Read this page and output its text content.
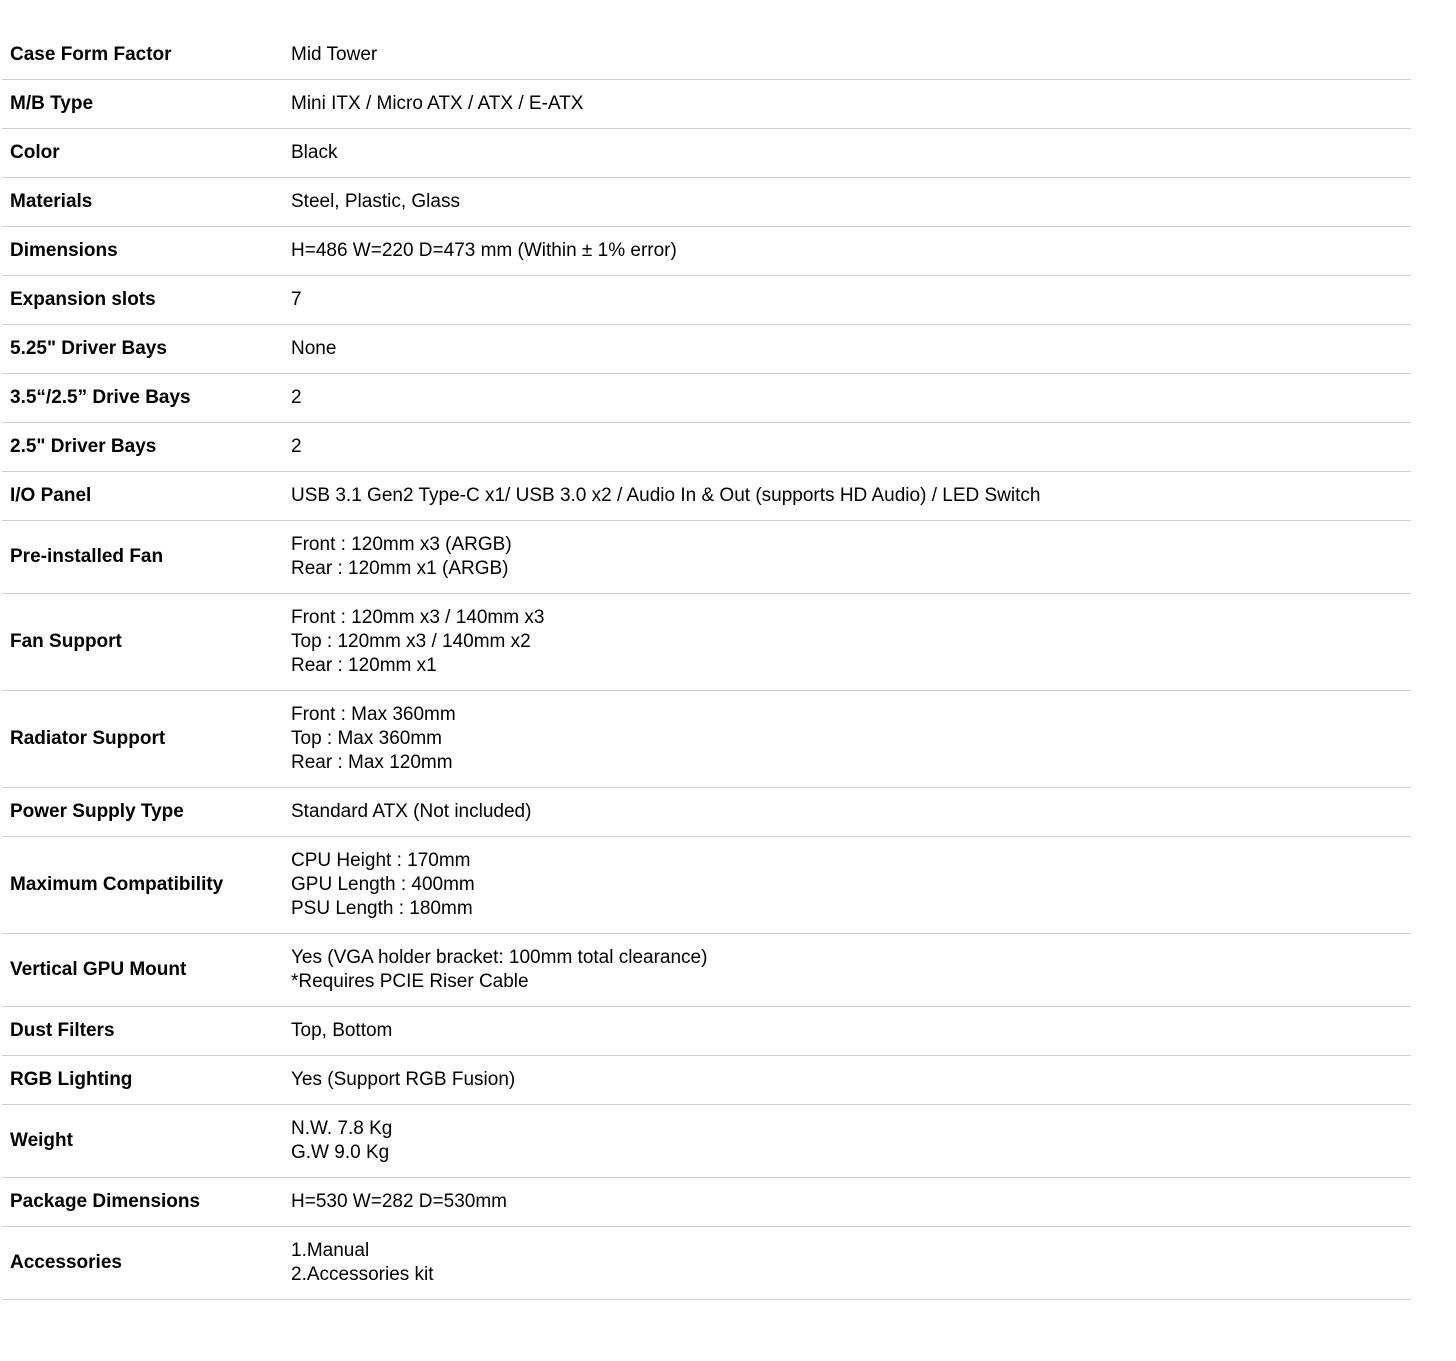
Case Form Factor	Mid Tower

M/B Type	Mini ITX / Micro ATX / ATX / E-ATX

Color	Black

Materials	Steel, Plastic, Glass

Dimensions	H=486 W=220 D=473 mm (Within ± 1% error)

Expansion slots	7

5.25" Driver Bays	None

3.5“/2.5” Drive Bays	2

2.5" Driver Bays	2

I/O Panel	USB 3.1 Gen2 Type-C x1/ USB 3.0 x2 / Audio In & Out (supports HD Audio) / LED Switch

Pre-installed Fan	Front : 120mm x3 (ARGB)
Rear : 120mm x1 (ARGB)

Fan Support	Front : 120mm x3 / 140mm x3
Top : 120mm x3 / 140mm x2
Rear : 120mm x1

Radiator Support	Front : Max 360mm
Top : Max 360mm
Rear : Max 120mm

Power Supply Type	Standard ATX (Not included)

Maximum Compatibility	CPU Height : 170mm
GPU Length : 400mm
PSU Length : 180mm

Vertical GPU Mount	Yes (VGA holder bracket: 100mm total clearance)
*Requires PCIE Riser Cable

Dust Filters	Top, Bottom

RGB Lighting	Yes (Support RGB Fusion)

Weight	N.W. 7.8 Kg
G.W 9.0 Kg

Package Dimensions	H=530 W=282 D=530mm

Accessories	1.Manual
2.Accessories kit
